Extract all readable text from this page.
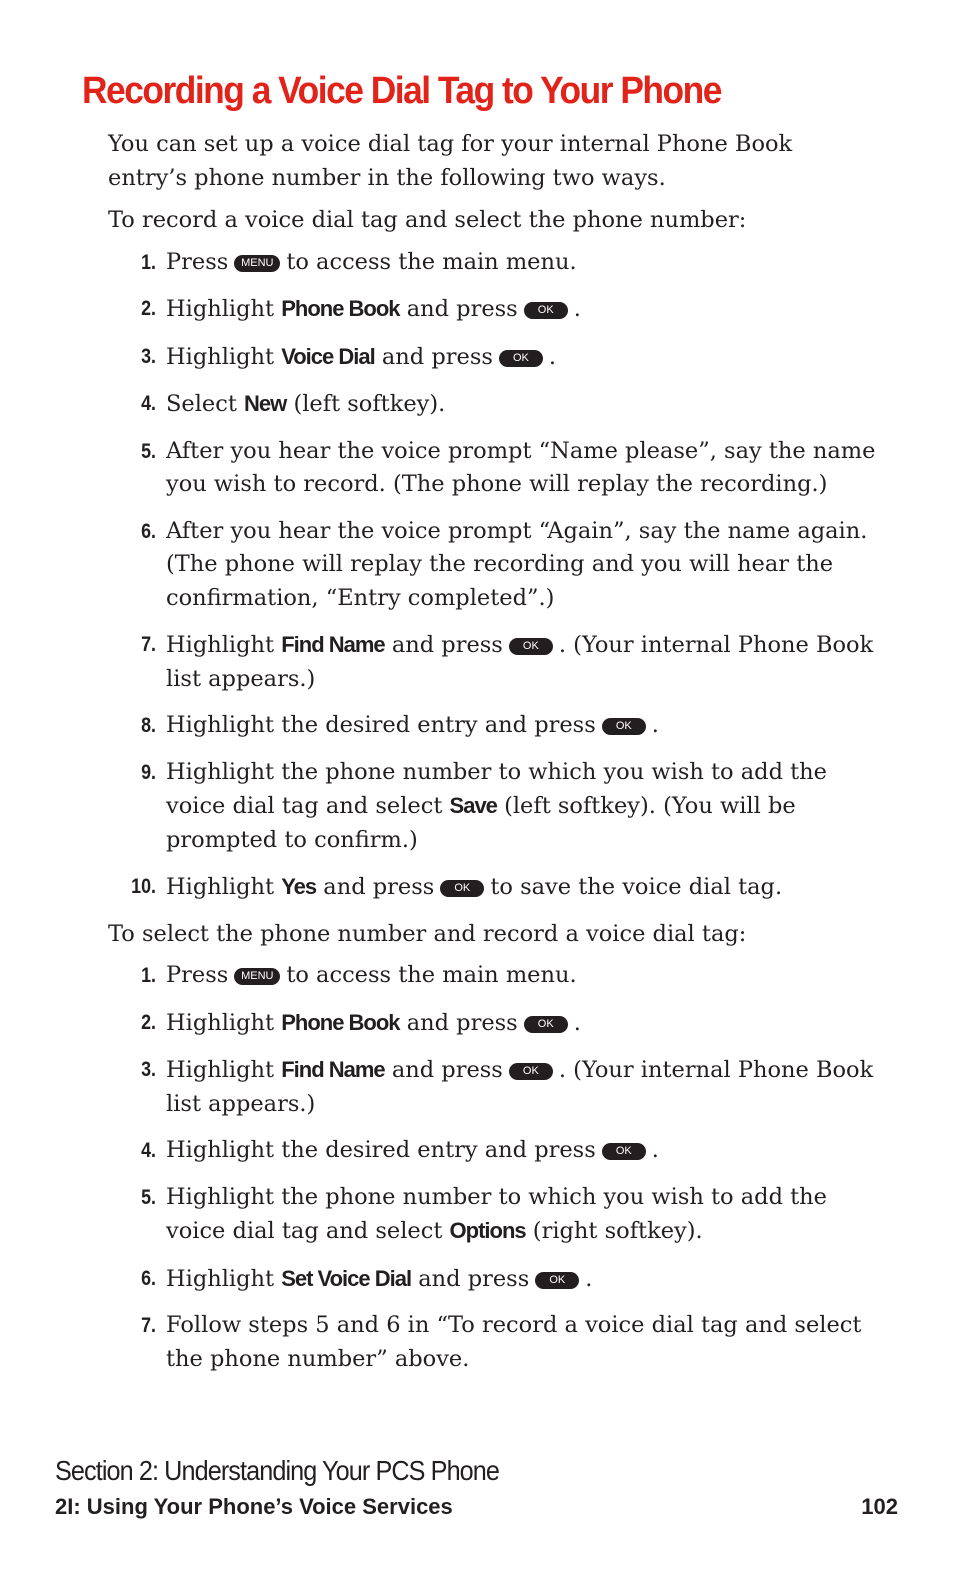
Recording a Voice Dial Tag to Your Phone

You can set up a voice dial tag for your internal Phone Book entry’s phone number in the following two ways.

To record a voice dial tag and select the phone number:

1. Press MENU to access the main menu.
2. Highlight Phone Book and press OK .
3. Highlight Voice Dial and press OK .
4. Select New (left softkey).
5. After you hear the voice prompt “Name please”, say the name you wish to record. (The phone will replay the recording.)
6. After you hear the voice prompt “Again”, say the name again. (The phone will replay the recording and you will hear the confirmation, “Entry completed”.)
7. Highlight Find Name and press OK . (Your internal Phone Book list appears.)
8. Highlight the desired entry and press OK .
9. Highlight the phone number to which you wish to add the voice dial tag and select Save (left softkey). (You will be prompted to confirm.)
10. Highlight Yes and press OK to save the voice dial tag.

To select the phone number and record a voice dial tag:

1. Press MENU to access the main menu.
2. Highlight Phone Book and press OK .
3. Highlight Find Name and press OK . (Your internal Phone Book list appears.)
4. Highlight the desired entry and press OK .
5. Highlight the phone number to which you wish to add the voice dial tag and select Options (right softkey).
6. Highlight Set Voice Dial and press OK .
7. Follow steps 5 and 6 in “To record a voice dial tag and select the phone number” above.
Section 2: Understanding Your PCS Phone
2I: Using Your Phone’s Voice Services	102
